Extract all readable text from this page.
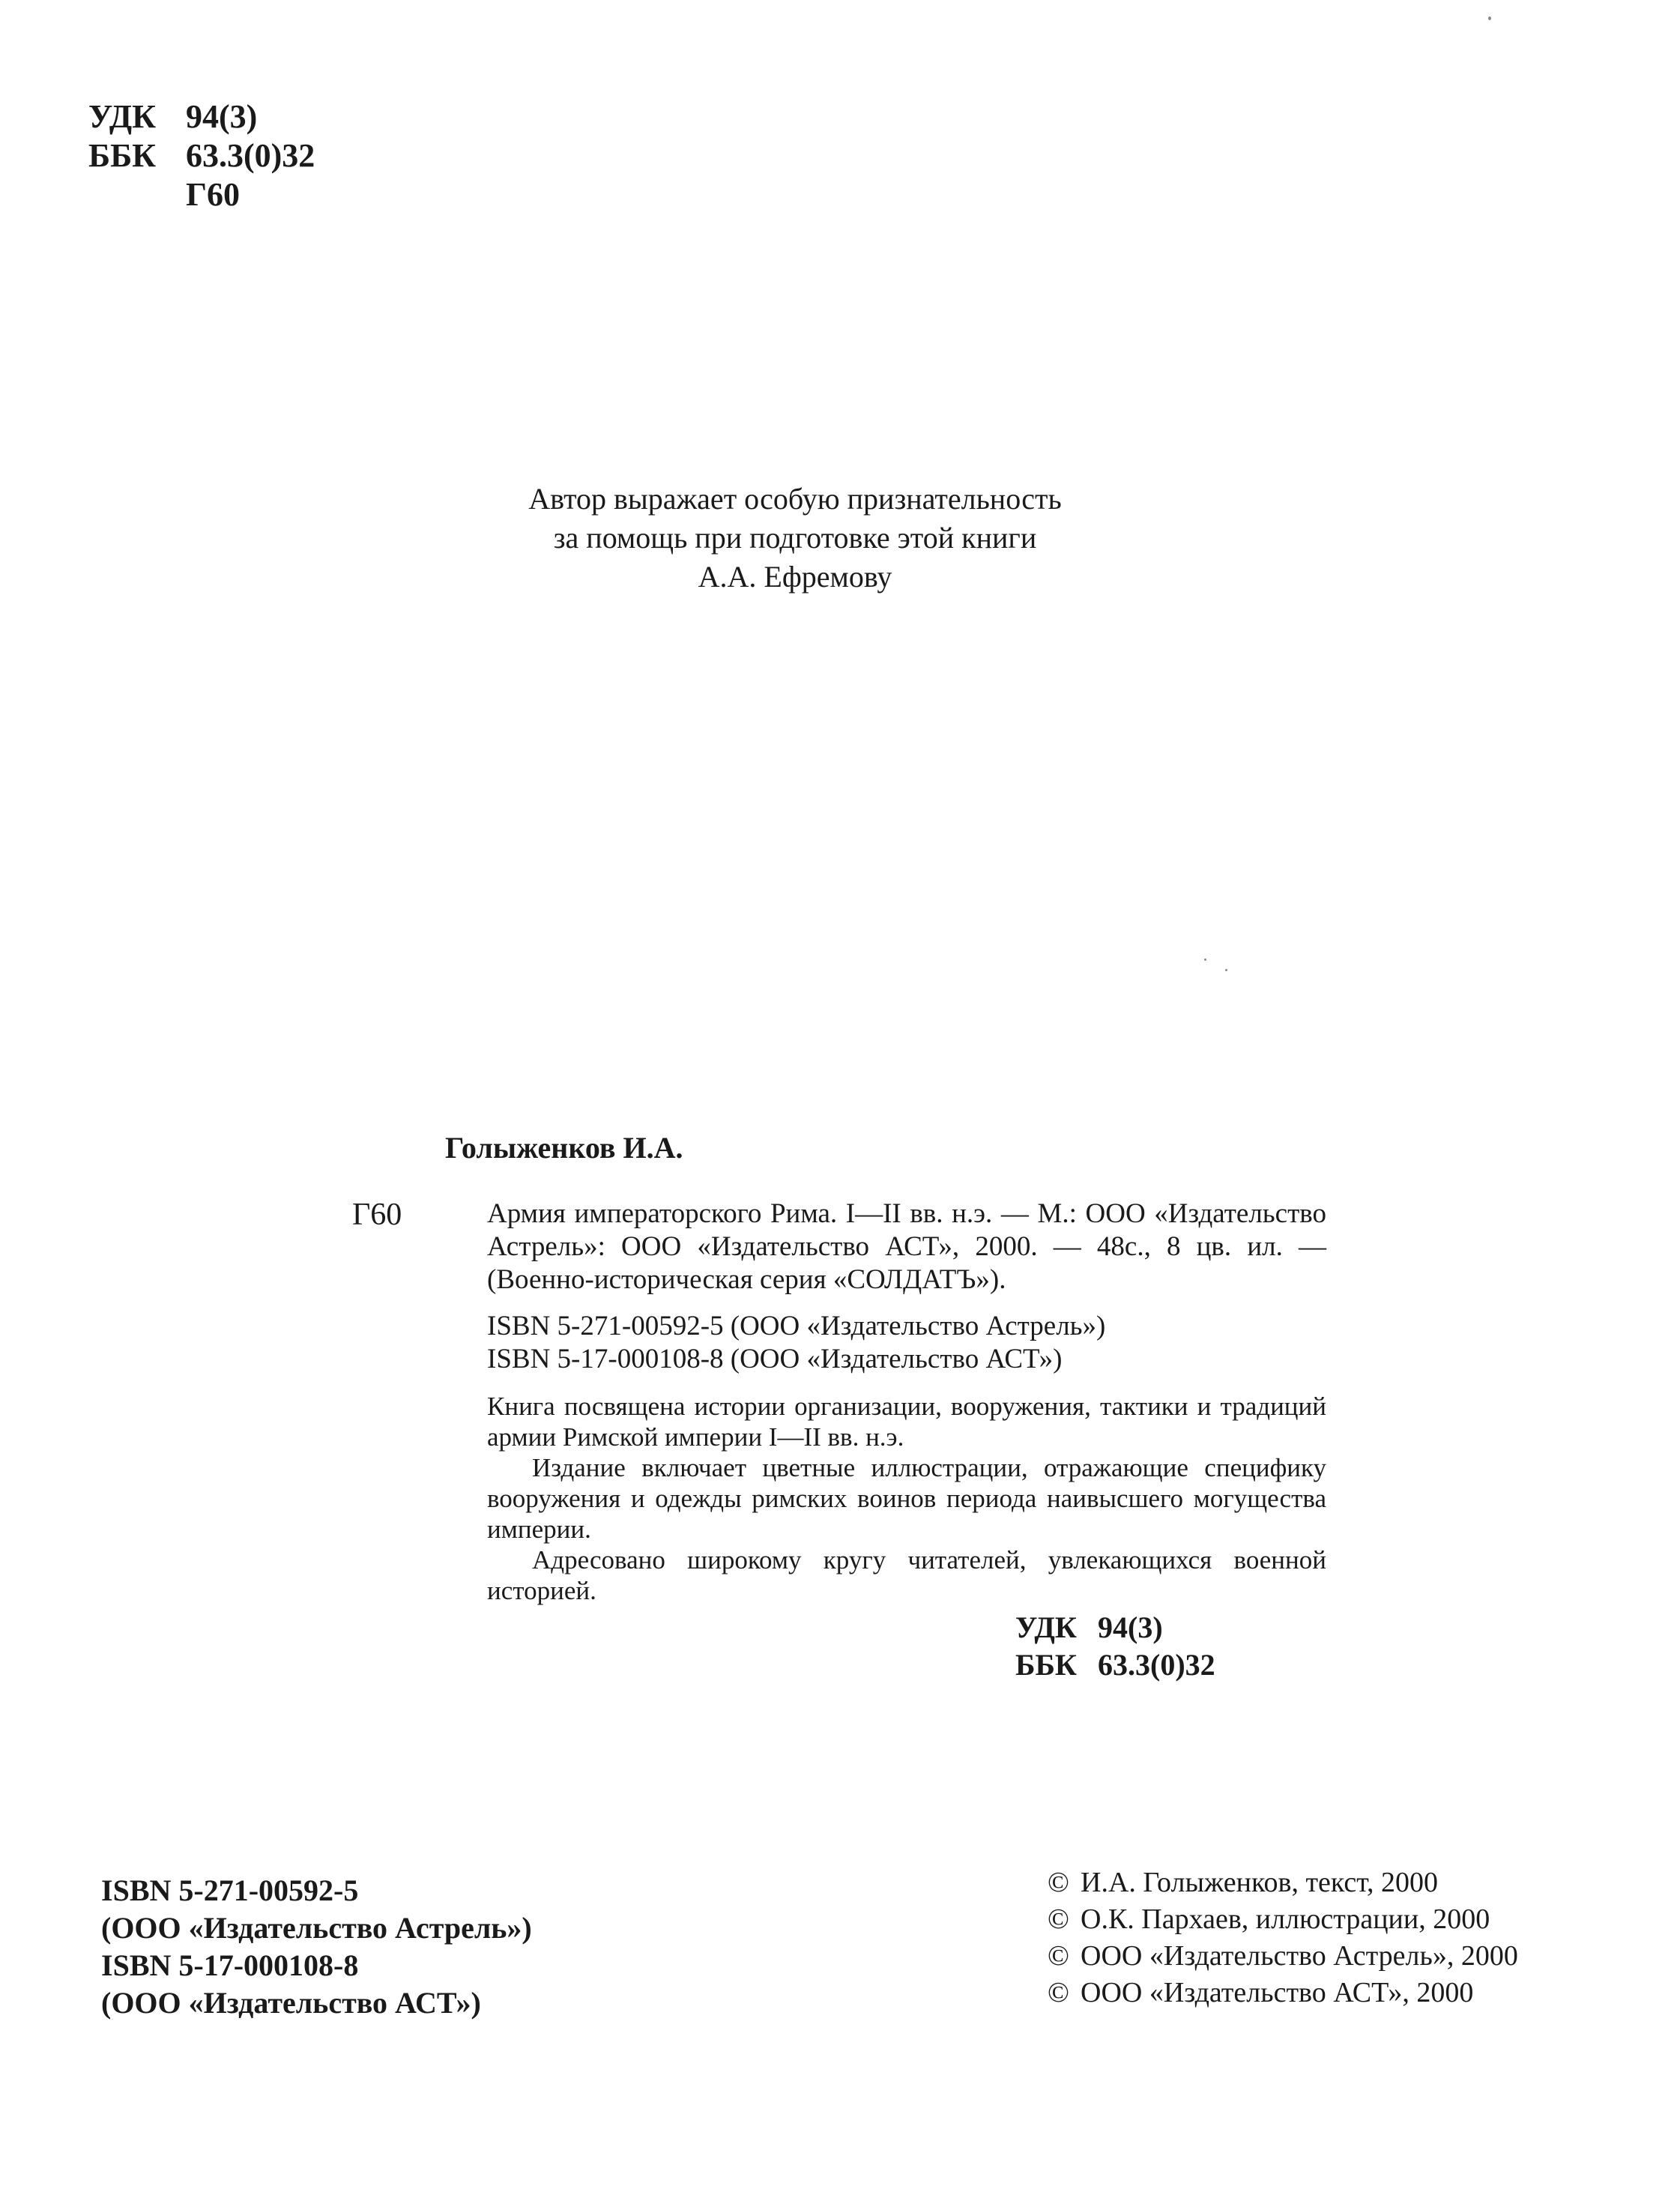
УДК 94(3)
ББК 63.3(0)32
Г60
Автор выражает особую признательность
за помощь при подготовке этой книги
А.А. Ефремову
Голыженков И.А.
Г60	Армия императорского Рима. I—II вв. н.э. — М.: ООО «Издательство Астрель»: ООО «Издательство АСТ», 2000. — 48с., 8 цв. ил. — (Военно-историческая серия «СОЛДАТЪ»).

ISBN 5-271-00592-5 (ООО «Издательство Астрель»)
ISBN 5-17-000108-8 (ООО «Издательство АСТ»)

Книга посвящена истории организации, вооружения, тактики и традиций армии Римской империи I—II вв. н.э.

Издание включает цветные иллюстрации, отражающие специфику вооружения и одежды римских воинов периода наивысшего могущества империи.

Адресовано широкому кругу читателей, увлекающихся военной историей.

УДК 94(3)
ББК 63.3(0)32
ISBN 5-271-00592-5
(ООО «Издательство Астрель»)
ISBN 5-17-000108-8
(ООО «Издательство АСТ»)
© И.А. Голыженков, текст, 2000
© О.К. Пархаев, иллюстрации, 2000
© ООО «Издательство Астрель», 2000
© ООО «Издательство АСТ», 2000
